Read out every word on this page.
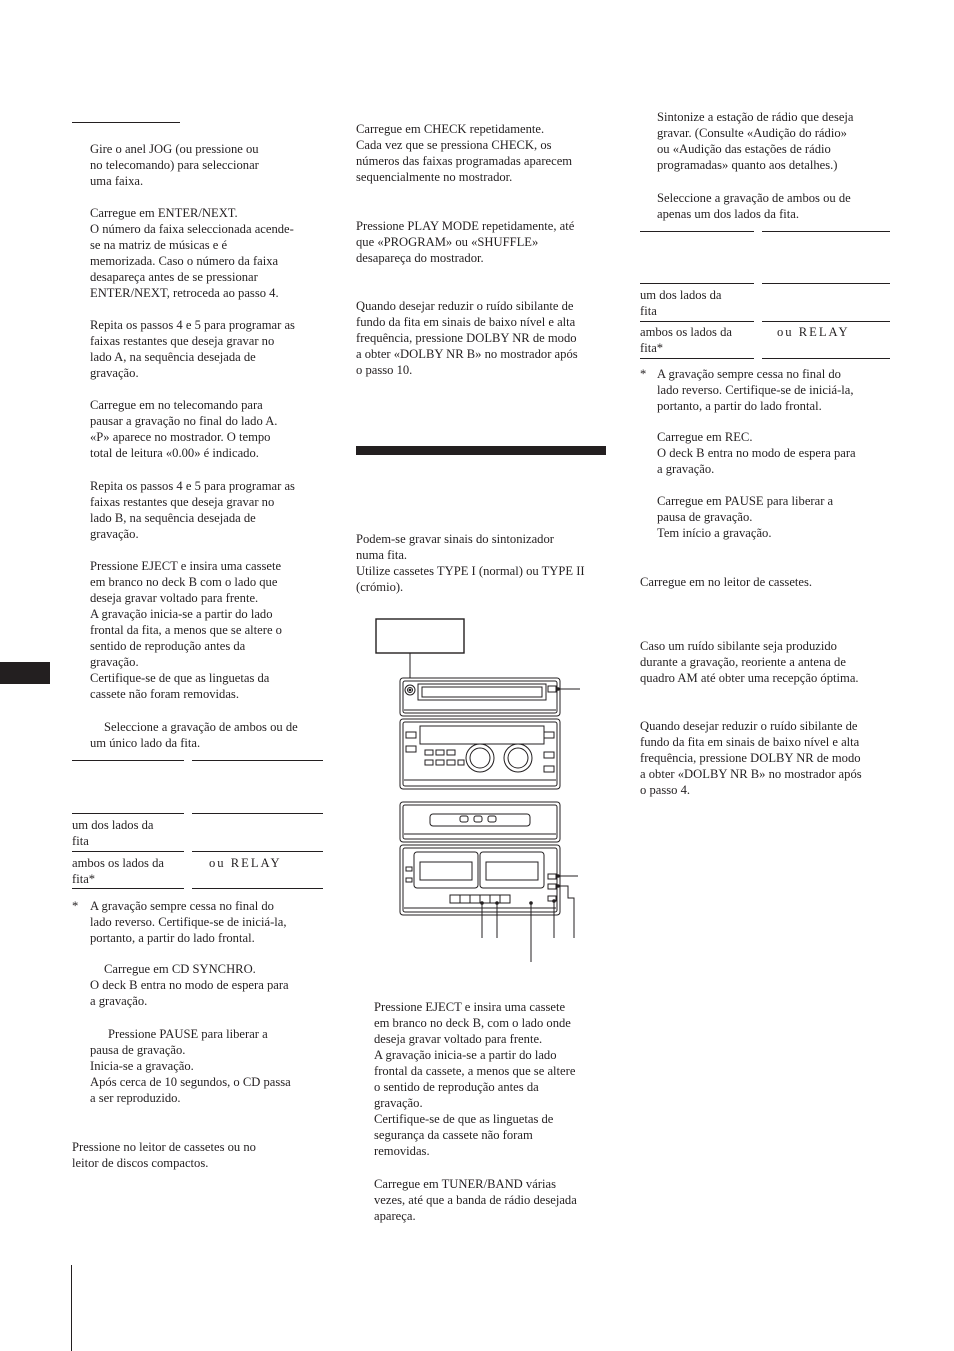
Gire o anel JOG (ou pressione ou
no telecomando) para seleccionar
uma faixa.
Carregue em ENTER/NEXT.
O número da faixa seleccionada acende-
se na matriz de músicas e é
memorizada. Caso o número da faixa
desapareça antes de se pressionar
ENTER/NEXT, retroceda ao passo 4.
Repita os passos 4 e 5 para programar as
faixas restantes que deseja gravar no
lado A, na sequência desejada de
gravação.
Carregue em no telecomando para
pausar a gravação no final do lado A.
«P» aparece no mostrador. O tempo
total de leitura «0.00» é indicado.
Repita os passos 4 e 5 para programar as
faixas restantes que deseja gravar no
lado B, na sequência desejada de
gravação.
Pressione EJECT e insira uma cassete
em branco no deck B com o lado que
deseja gravar voltado para frente.
A gravação inicia-se a partir do lado
frontal da fita, a menos que se altere o
sentido de reprodução antes da
gravação.
Certifique-se de que as linguetas da
cassete não foram removidas.
Seleccione a gravação de ambos ou de
um único lado da fita.
um dos lados da
fita
ambos os lados da
fita*
ou RELAY
* A gravação sempre cessa no final do
lado reverso. Certifique-se de iniciá-la,
portanto, a partir do lado frontal.
Carregue em CD SYNCHRO.
O deck B entra no modo de espera para
a gravação.
Pressione PAUSE para liberar a
pausa de gravação.
Inicia-se a gravação.
Após cerca de 10 segundos, o CD passa
a ser reproduzido.
Pressione no leitor de cassetes ou no
leitor de discos compactos.
Carregue em CHECK repetidamente.
Cada vez que se pressiona CHECK, os
números das faixas programadas aparecem
sequencialmente no mostrador.
Pressione PLAY MODE repetidamente, até
que «PROGRAM» ou «SHUFFLE»
desapareça do mostrador.
Quando desejar reduzir o ruído sibilante de
fundo da fita em sinais de baixo nível e alta
frequência, pressione DOLBY NR de modo
a obter «DOLBY NR B» no mostrador após
o passo 10.
Podem-se gravar sinais do sintonizador
numa fita.
Utilize cassetes TYPE I (normal) ou TYPE II
(crómio).
Pressione EJECT e insira uma cassete
em branco no deck B, com o lado onde
deseja gravar voltado para frente.
A gravação inicia-se a partir do lado
frontal da cassete, a menos que se altere
o sentido de reprodução antes da
gravação.
Certifique-se de que as linguetas de
segurança da cassete não foram
removidas.
Carregue em TUNER/BAND várias
vezes, até que a banda de rádio desejada
apareça.
Sintonize a estação de rádio que deseja
gravar. (Consulte «Audição do rádio»
ou «Audição das estações de rádio
programadas» quanto aos detalhes.)
Seleccione a gravação de ambos ou de
apenas um dos lados da fita.
um dos lados da
fita
ambos os lados da
fita*
ou RELAY
* A gravação sempre cessa no final do
lado reverso. Certifique-se de iniciá-la,
portanto, a partir do lado frontal.
Carregue em REC.
O deck B entra no modo de espera para
a gravação.
Carregue em PAUSE para liberar a
pausa de gravação.
Tem início a gravação.
Carregue em no leitor de cassetes.
Caso um ruído sibilante seja produzido
durante a gravação, reoriente a antena de
quadro AM até obter uma recepção óptima.
Quando desejar reduzir o ruído sibilante de
fundo da fita em sinais de baixo nível e alta
frequência, pressione DOLBY NR de modo
a obter «DOLBY NR B» no mostrador após
o passo 4.
